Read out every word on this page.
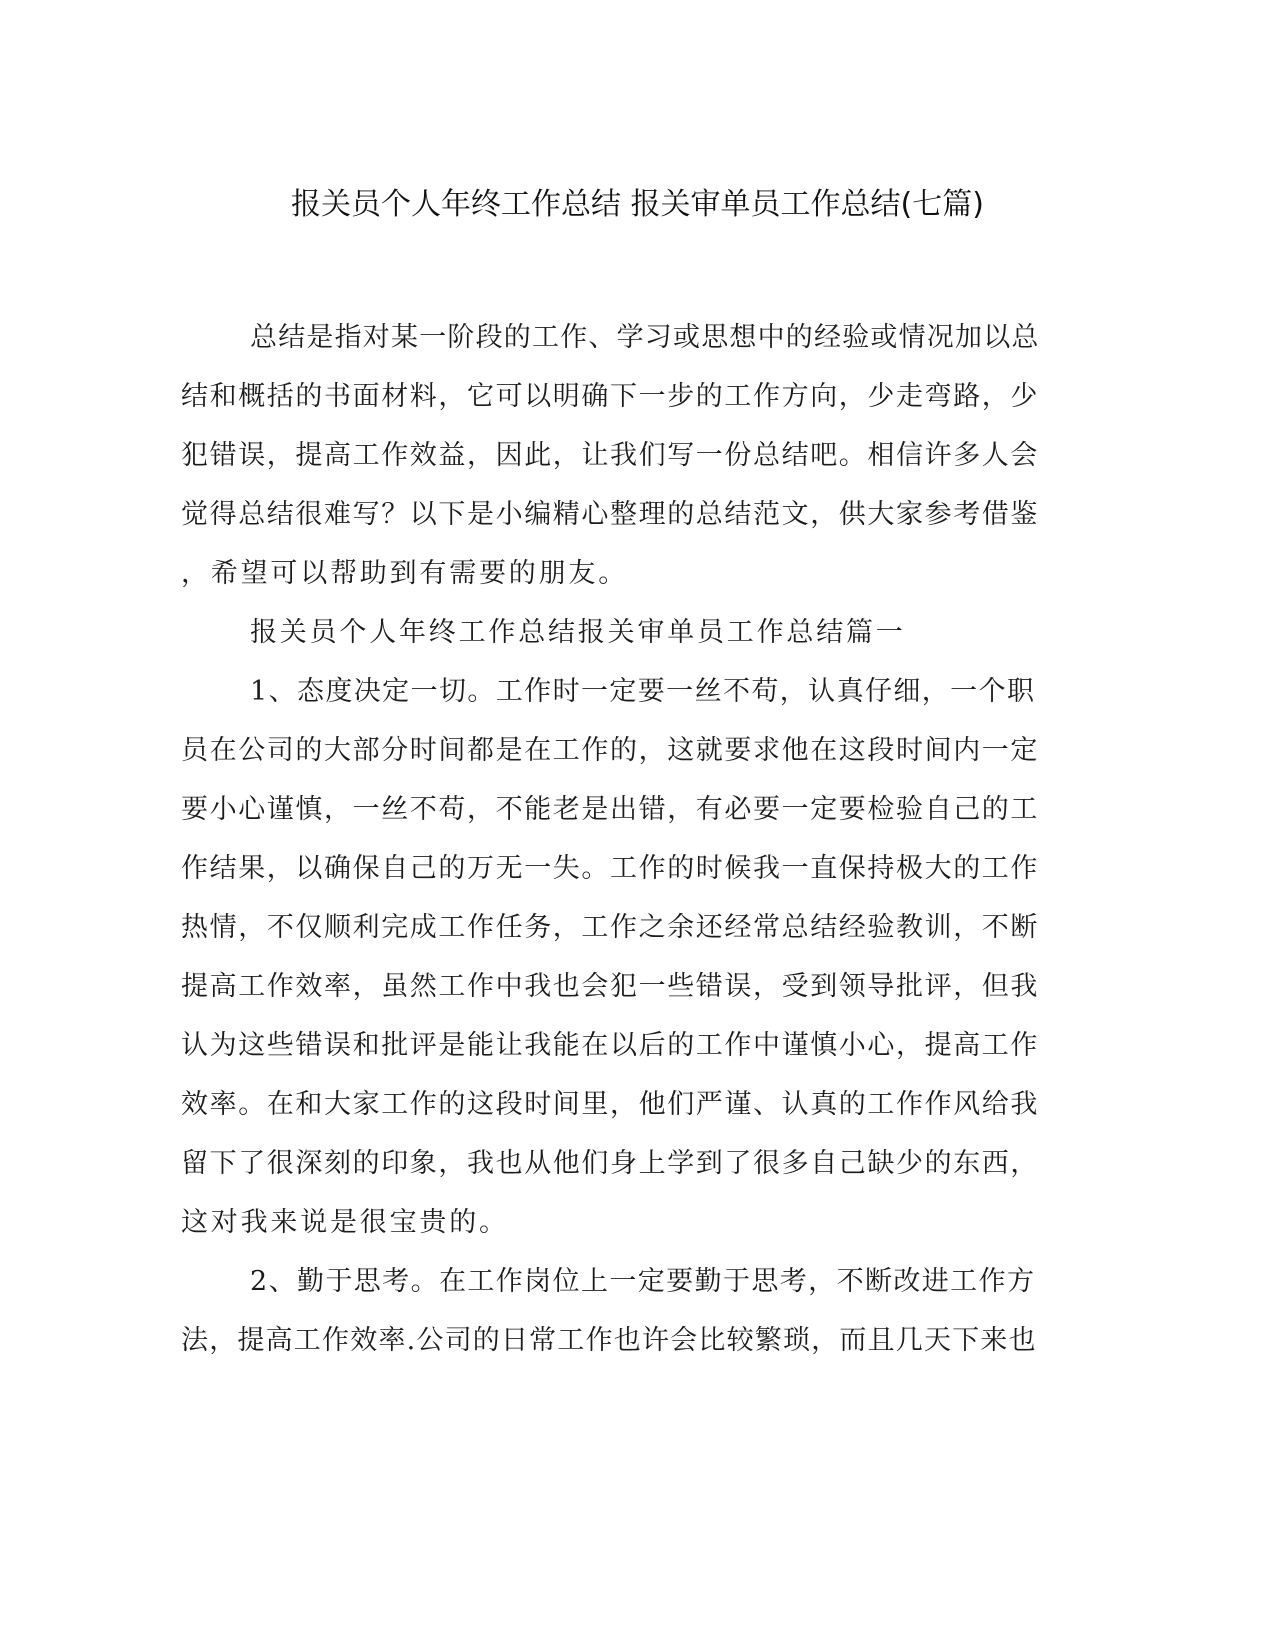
报关员个人年终工作总结 报关审单员工作总结(七篇)
总结是指对某一阶段的工作、学习或思想中的经验或情况加以总
结和概括的书面材料，它可以明确下一步的工作方向，少走弯路，少
犯错误，提高工作效益，因此，让我们写一份总结吧。相信许多人会
觉得总结很难写？以下是小编精心整理的总结范文，供大家参考借鉴
，希望可以帮助到有需要的朋友。
报关员个人年终工作总结报关审单员工作总结篇一
1、态度决定一切。工作时一定要一丝不苟，认真仔细，一个职
员在公司的大部分时间都是在工作的，这就要求他在这段时间内一定
要小心谨慎，一丝不苟，不能老是出错，有必要一定要检验自己的工
作结果，以确保自己的万无一失。工作的时候我一直保持极大的工作
热情，不仅顺利完成工作任务，工作之余还经常总结经验教训，不断
提高工作效率，虽然工作中我也会犯一些错误，受到领导批评，但我
认为这些错误和批评是能让我能在以后的工作中谨慎小心，提高工作
效率。在和大家工作的这段时间里，他们严谨、认真的工作作风给我
留下了很深刻的印象，我也从他们身上学到了很多自己缺少的东西，
这对我来说是很宝贵的。
2、勤于思考。在工作岗位上一定要勤于思考，不断改进工作方
法，提高工作效率.公司的日常工作也许会比较繁琐，而且几天下来也
